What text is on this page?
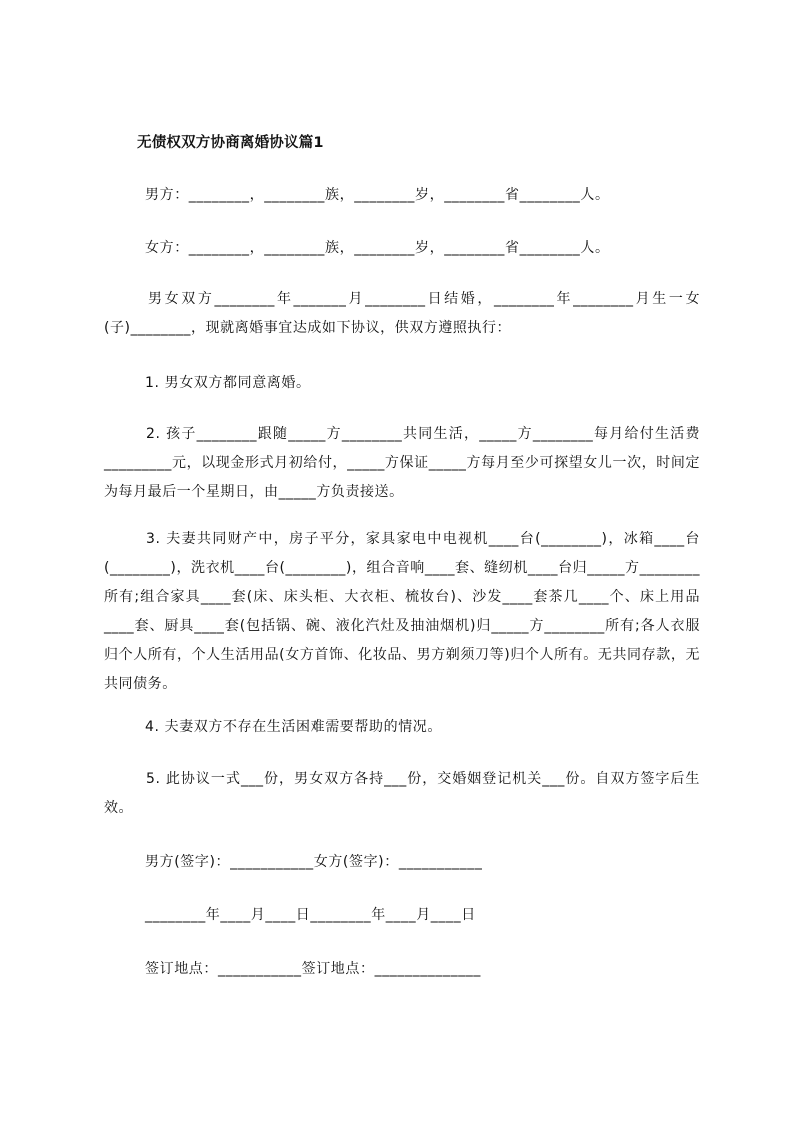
无债权双方协商离婚协议篇1
男方：________，________族，________岁，________省________人。
女方：________，________族，________岁，________省________人。
男女双方________年_______月________日结婚，________年________月生一女(子)________，现就离婚事宜达成如下协议，供双方遵照执行：
1. 男女双方都同意离婚。
2. 孩子________跟随_____方________共同生活，_____方________每月给付生活费_________元，以现金形式月初给付，_____方保证_____方每月至少可探望女儿一次，时间定为每月最后一个星期日，由_____方负责接送。
3. 夫妻共同财产中，房子平分，家具家电中电视机____台(________)，冰箱____台(________)，洗衣机____台(________)，组合音响____套、缝纫机____台归_____方________所有;组合家具____套(床、床头柜、大衣柜、梳妆台)、沙发____套茶几____个、床上用品____套、厨具____套(包括锅、碗、液化汽灶及抽油烟机)归_____方________所有;各人衣服归个人所有，个人生活用品(女方首饰、化妆品、男方剃须刀等)归个人所有。无共同存款，无共同债务。
4. 夫妻双方不存在生活困难需要帮助的情况。
5. 此协议一式___份，男女双方各持___份，交婚姻登记机关___份。自双方签字后生效。
男方(签字)：___________女方(签字)：___________
________年____月____日________年____月____日
签订地点：___________签订地点：______________
